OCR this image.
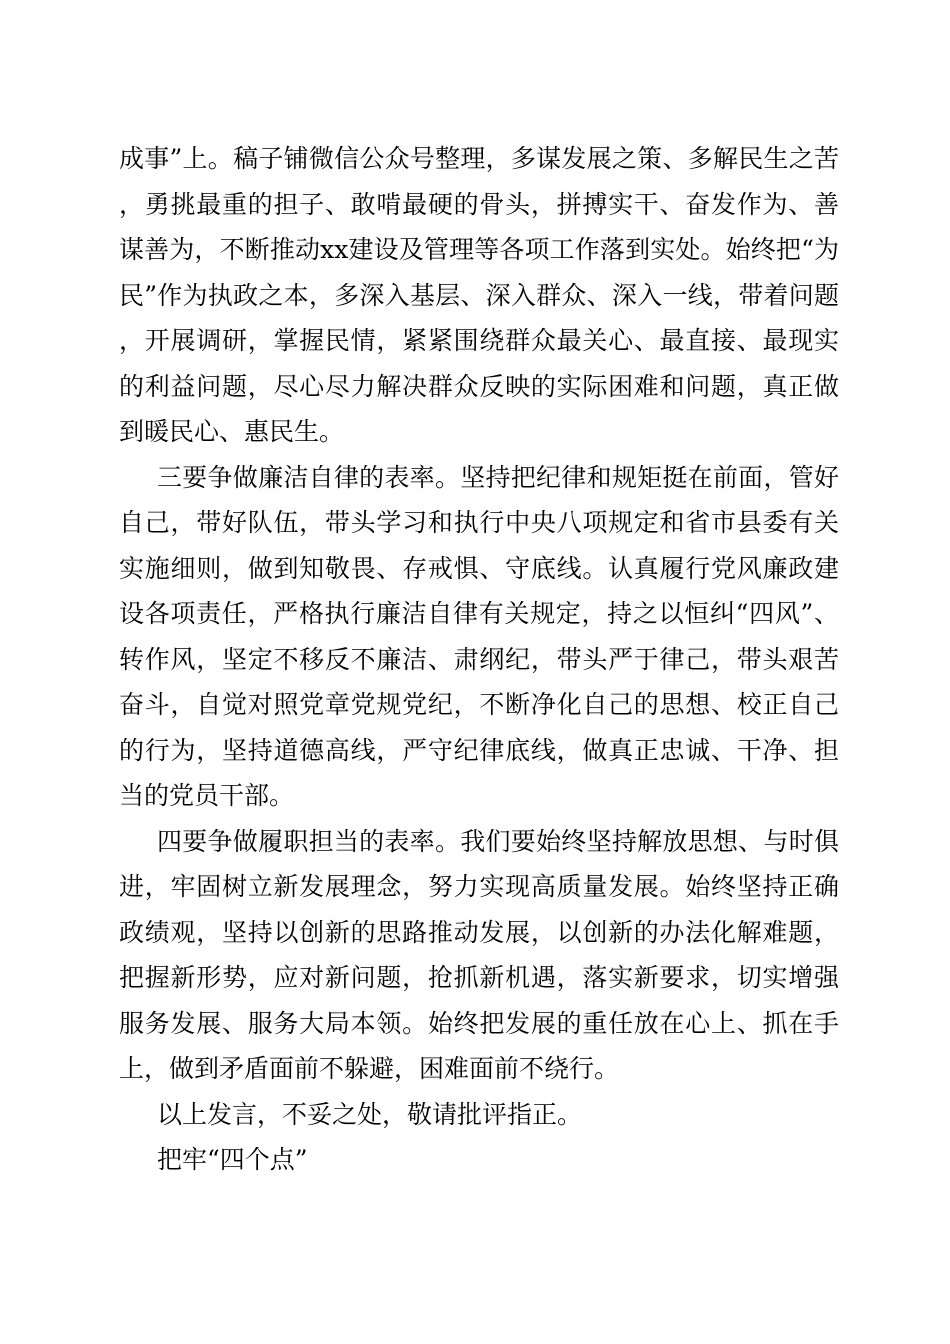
成事”上。稿子铺微信公众号整理，多谋发展之策、多解民生之苦，勇挑最重的担子、敢啃最硬的骨头，拼搏实干、奋发作为、善谋善为，不断推动xx建设及管理等各项工作落到实处。始终把“为民”作为执政之本，多深入基层、深入群众、深入一线，带着问题，开展调研，掌握民情，紧紧围绕群众最关心、最直接、最现实的利益问题，尽心尽力解决群众反映的实际困难和问题，真正做到暖民心、惠民生。

三要争做廉洁自律的表率。坚持把纪律和规矩挺在前面，管好自己，带好队伍，带头学习和执行中央八项规定和省市县委有关实施细则，做到知敬畏、存戒惧、守底线。认真履行党风廉政建设各项责任，严格执行廉洁自律有关规定，持之以恒纠“四风”、转作风，坚定不移反不廉洁、肃纲纪，带头严于律己，带头艰苦奋斗，自觉对照党章党规党纪，不断净化自己的思想、校正自己的行为，坚持道德高线，严守纪律底线，做真正忠诚、干净、担当的党员干部。

四要争做履职担当的表率。我们要始终坚持解放思想、与时俱进，牢固树立新发展理念，努力实现高质量发展。始终坚持正确政绩观，坚持以创新的思路推动发展，以创新的办法化解难题，把握新形势，应对新问题，抢抓新机遇，落实新要求，切实增强服务发展、服务大局本领。始终把发展的重任放在心上、抓在手上，做到矛盾面前不躲避，困难面前不绕行。

以上发言，不妥之处，敬请批评指正。

把牢“四个点”
